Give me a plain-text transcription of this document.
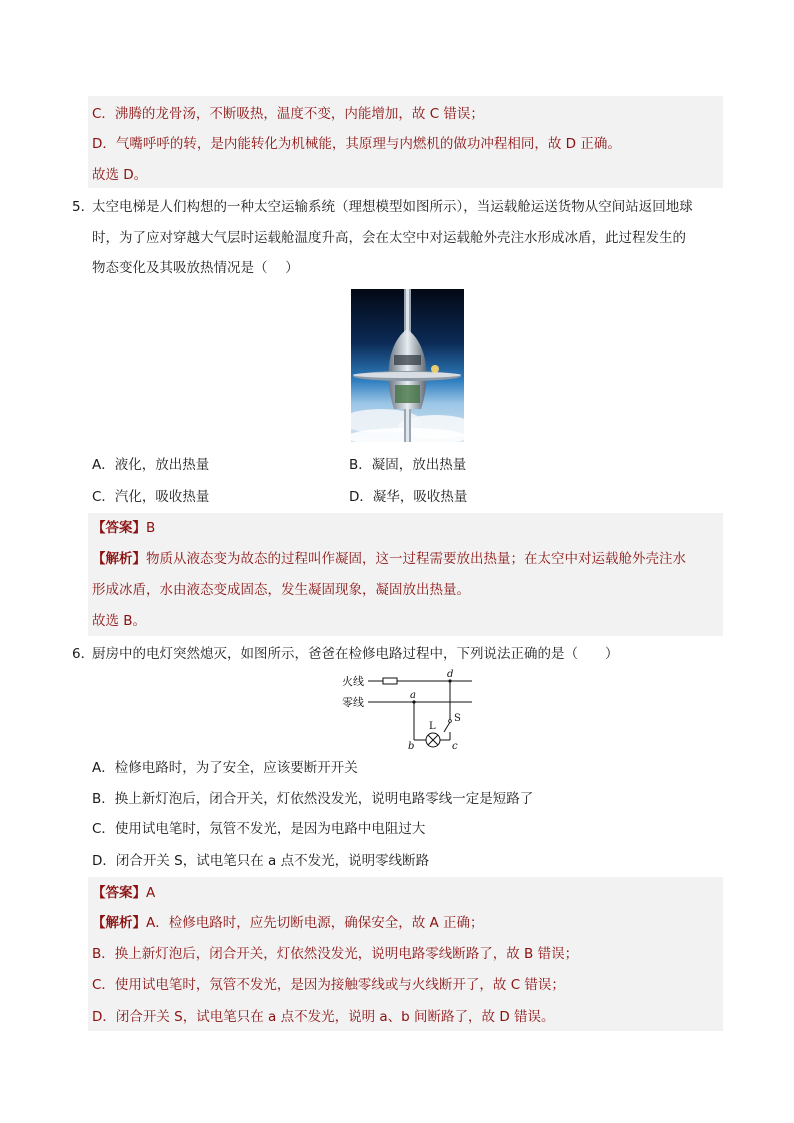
C．沸腾的龙骨汤，不断吸热，温度不变，内能增加，故 C 错误；
D．气嘴呼呼的转，是内能转化为机械能，其原理与内燃机的做功冲程相同，故 D 正确。
故选 D。
5．
太空电梯是人们构想的一种太空运输系统（理想模型如图所示），当运载舱运送货物从空间站返回地球
时，为了应对穿越大气层时运载舱温度升高，会在太空中对运载舱外壳注水形成冰盾，此过程发生的
物态变化及其吸放热情况是（　 ）
A．液化，放出热量	B．凝固，放出热量
C．汽化，吸收热量	D．凝华，吸收热量
【答案】B
【解析】物质从液态变为故态的过程叫作凝固，这一过程需要放出热量；在太空中对运载舱外壳注水
形成冰盾，水由液态变成固态，发生凝固现象，凝固放出热量。
故选 B。
6．
厨房中的电灯突然熄灭，如图所示，爸爸在检修电路过程中，下列说法正确的是（　　）
火线
零线
a
d
S
L
b	c
A．检修电路时，为了安全，应该要断开开关
B．换上新灯泡后，闭合开关，灯依然没发光，说明电路零线一定是短路了
C．使用试电笔时，氖管不发光，是因为电路中电阻过大
D．闭合开关 S，试电笔只在 a 点不发光，说明零线断路
【答案】A
【解析】A．检修电路时，应先切断电源，确保安全，故 A 正确；
B．换上新灯泡后，闭合开关，灯依然没发光，说明电路零线断路了，故 B 错误；
C．使用试电笔时，氖管不发光，是因为接触零线或与火线断开了，故 C 错误；
D．闭合开关 S，试电笔只在 a 点不发光，说明 a、b 间断路了，故 D 错误。
